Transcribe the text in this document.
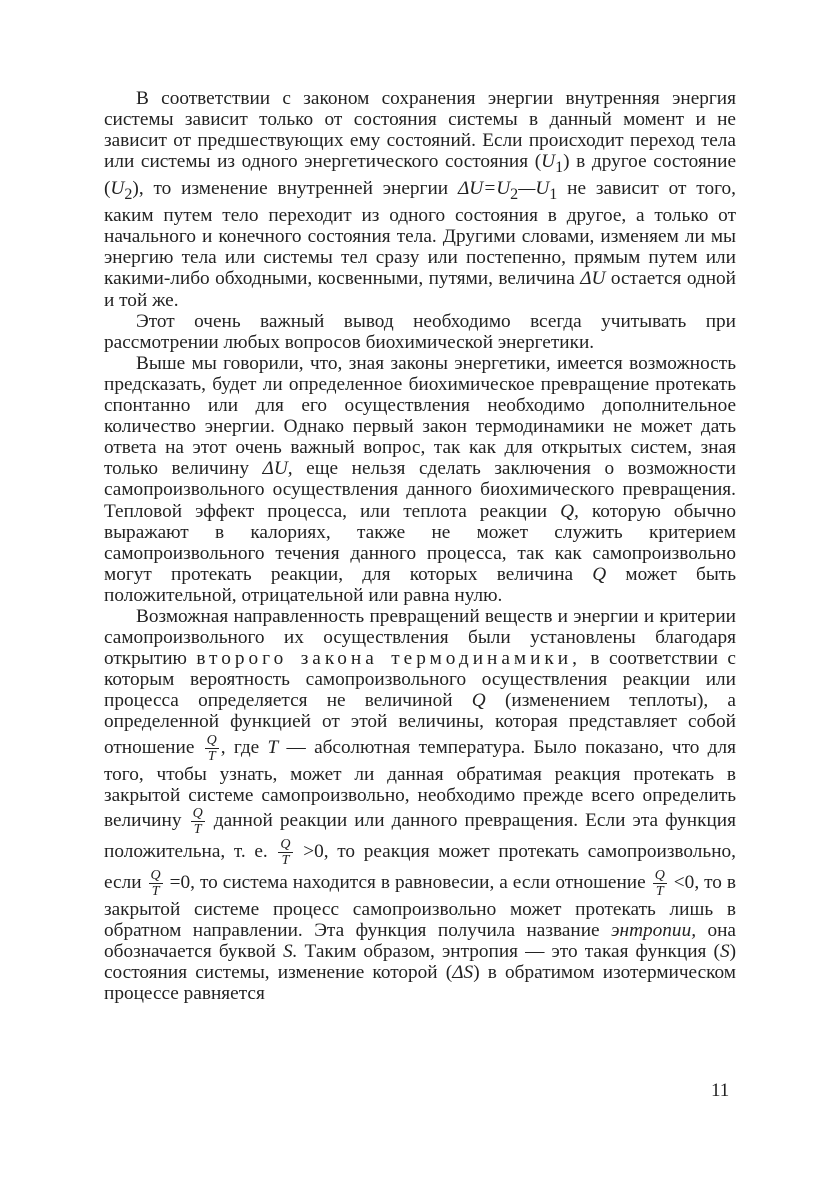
В соответствии с законом сохранения энергии внутренняя энергия системы зависит только от состояния системы в данный момент и не зависит от предшествующих ему состояний. Если происходит переход тела или системы из одного энергетического состояния $(U_1)$ в другое состояние $(U_2)$, то изменение внутренней энергии $\Delta U=U_2—U_1$ не зависит от того, каким путем тело переходит из одного состояния в другое, а только от начального и конечного состояния тела. Другими словами, изменяем ли мы энергию тела или системы тел сразу или постепенно, прямым путем или какими-либо обходными, косвенными, путями, величина ΔU остается одной и той же.

Этот очень важный вывод необходимо всегда учитывать при рассмотрении любых вопросов биохимической энергетики.

Выше мы говорили, что, зная законы энергетики, имеется возможность предсказать, будет ли определенное биохимическое превращение протекать спонтанно или для его осуществления необходимо дополнительное количество энергии. Однако первый закон термодинамики не может дать ответа на этот очень важный вопрос, так как для открытых систем, зная только величину ΔU, еще нельзя сделать заключения о возможности самопроизвольного осуществления данного биохимического превращения. Тепловой эффект процесса, или теплота реакции Q, которую обычно выражают в калориях, также не может служить критерием самопроизвольного течения данного процесса, так как самопроизвольно могут протекать реакции, для которых величина Q может быть положительной, отрицательной или равна нулю.

Возможная направленность превращений веществ и энергии и критерии самопроизвольного их осуществления были установлены благодаря открытию второго закона термодинамики, в соответствии с которым вероятность самопроизвольного осуществления реакции или процесса определяется не величиной Q (изменением теплоты), а определенной функцией от этой величины, которая представляет собой отношение $\frac{Q}{T}$ , где T — абсолютная температура. Было показано, что для того, чтобы узнать, может ли данная обратимая реакция протекать в закрытой системе самопроизвольно, необходимо прежде всего определить величину $\frac{Q}{T}$ данной реакции или данного превращения. Если эта функция положительна, т. е. $\frac{Q}{T} >0$, то реакция может протекать самопроизвольно, если $\frac{Q}{T} =0$, то система находится в равновесии, а если отношение $\frac{Q}{T} <0$, то в закрытой системе процесс самопроизвольно может протекать лишь в обратном направлении. Эта функция получила название энтропии, она обозначается буквой S. Таким образом, энтропия — это такая функция (S) состояния системы, изменение которой (ΔS) в обратимом изотермическом процессе равняется

11
